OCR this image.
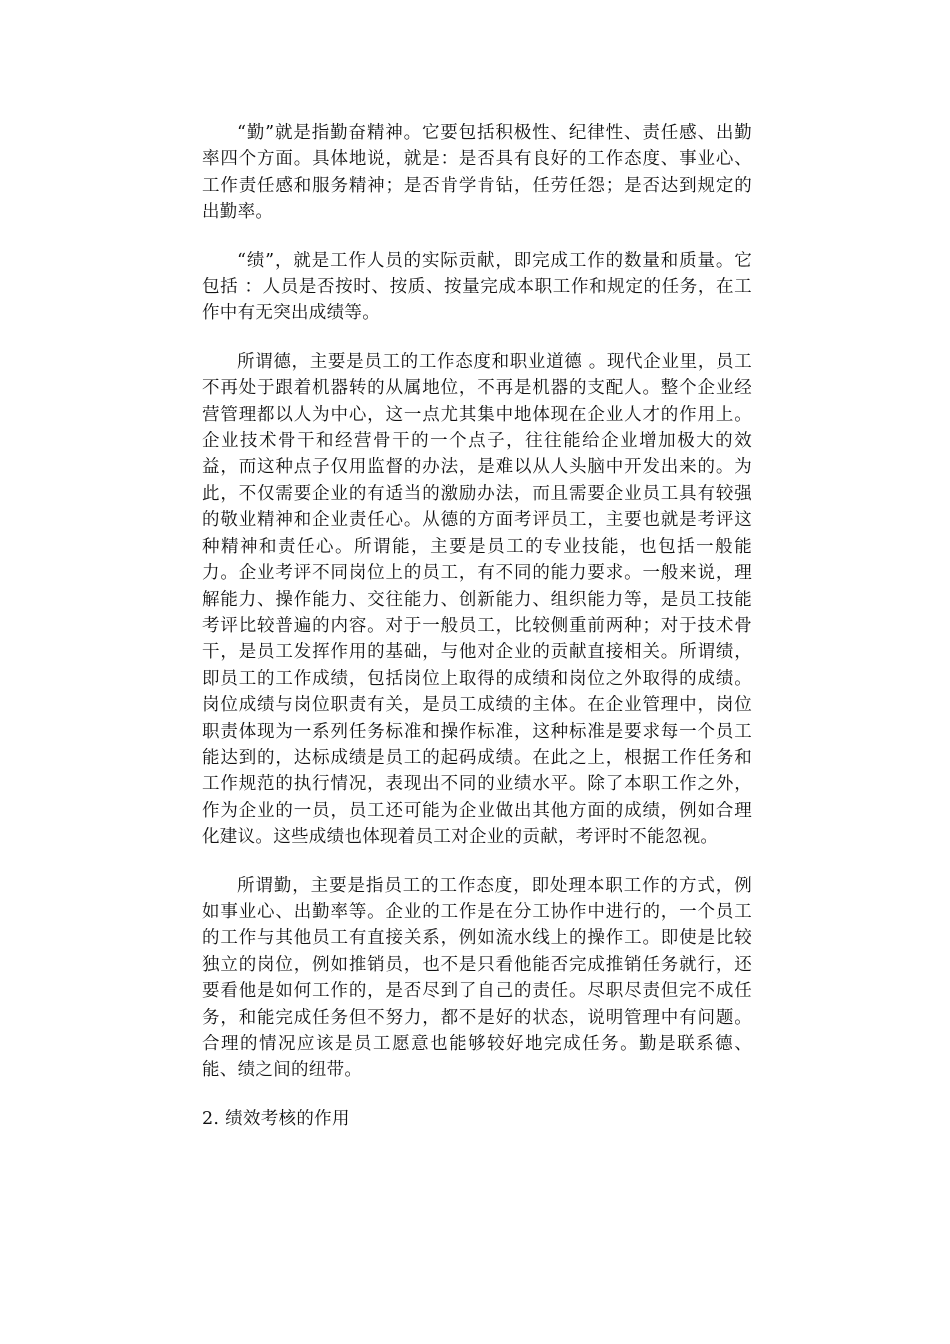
“勤”就是指勤奋精神。它要包括积极性、纪律性、责任感、出勤率四个方面。具体地说，就是：是否具有良好的工作态度、事业心、工作责任感和服务精神；是否肯学肯钻，任劳任怨；是否达到规定的出勤率。

“绩”，就是工作人员的实际贡献，即完成工作的数量和质量。它包括 ：人员是否按时、按质、按量完成本职工作和规定的任务，在工作中有无突出成绩等。

所谓德，主要是员工的工作态度和职业道德 。现代企业里，员工不再处于跟着机器转的从属地位，不再是机器的支配人。整个企业经营管理都以人为中心，这一点尤其集中地体现在企业人才的作用上。企业技术骨干和经营骨干的一个点子，往往能给企业增加极大的效益，而这种点子仅用监督的办法，是难以从人头脑中开发出来的。为此，不仅需要企业的有适当的激励办法，而且需要企业员工具有较强的敬业精神和企业责任心。从德的方面考评员工，主要也就是考评这种精神和责任心。所谓能，主要是员工的专业技能，也包括一般能力。企业考评不同岗位上的员工，有不同的能力要求。一般来说，理解能力、操作能力、交往能力、创新能力、组织能力等，是员工技能考评比较普遍的内容。对于一般员工，比较侧重前两种；对于技术骨干，是员工发挥作用的基础，与他对企业的贡献直接相关。所谓绩，即员工的工作成绩，包括岗位上取得的成绩和岗位之外取得的成绩。岗位成绩与岗位职责有关，是员工成绩的主体。在企业管理中，岗位职责体现为一系列任务标准和操作标准，这种标准是要求每一个员工能达到的，达标成绩是员工的起码成绩。在此之上，根据工作任务和工作规范的执行情况，表现出不同的业绩水平。除了本职工作之外，作为企业的一员，员工还可能为企业做出其他方面的成绩，例如合理化建议。这些成绩也体现着员工对企业的贡献，考评时不能忽视。

所谓勤，主要是指员工的工作态度，即处理本职工作的方式，例如事业心、出勤率等。企业的工作是在分工协作中进行的，一个员工的工作与其他员工有直接关系，例如流水线上的操作工。即使是比较独立的岗位，例如推销员，也不是只看他能否完成推销任务就行，还要看他是如何工作的，是否尽到了自己的责任。尽职尽责但完不成任务，和能完成任务但不努力，都不是好的状态，说明管理中有问题。合理的情况应该是员工愿意也能够较好地完成任务。勤是联系德、能、绩之间的纽带。

2. 绩效考核的作用
